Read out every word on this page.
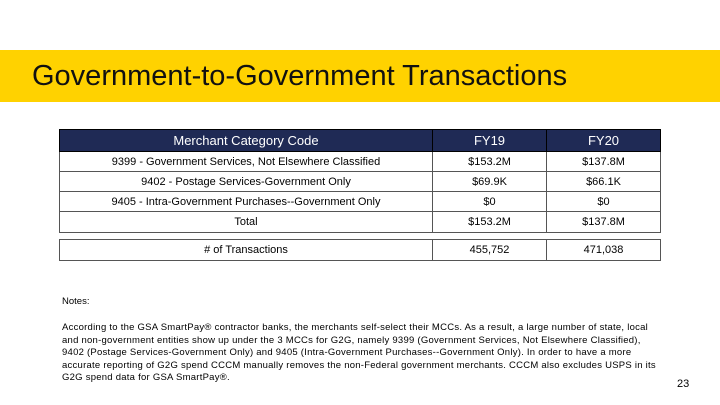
Government-to-Government Transactions
Merchant Category Code	FY19	FY20
9399 - Government Services, Not Elsewhere Classified	$153.2M	$137.8M
9402 - Postage Services-Government Only	$69.9K	$66.1K
9405 - Intra-Government Purchases--Government Only	$0	$0
Total	$153.2M	$137.8M

# of Transactions	455,752	471,038
Notes:
According to the GSA SmartPay® contractor banks, the merchants self-select their MCCs. As a result, a large number of state, local and non-government entities show up under the 3 MCCs for G2G, namely 9399 (Government Services, Not Elsewhere Classified), 9402 (Postage Services-Government Only) and 9405 (Intra-Government Purchases--Government Only). In order to have a more accurate reporting of G2G spend CCCM manually removes the non-Federal government merchants. CCCM also excludes USPS in its G2G spend data for GSA SmartPay®.
23
